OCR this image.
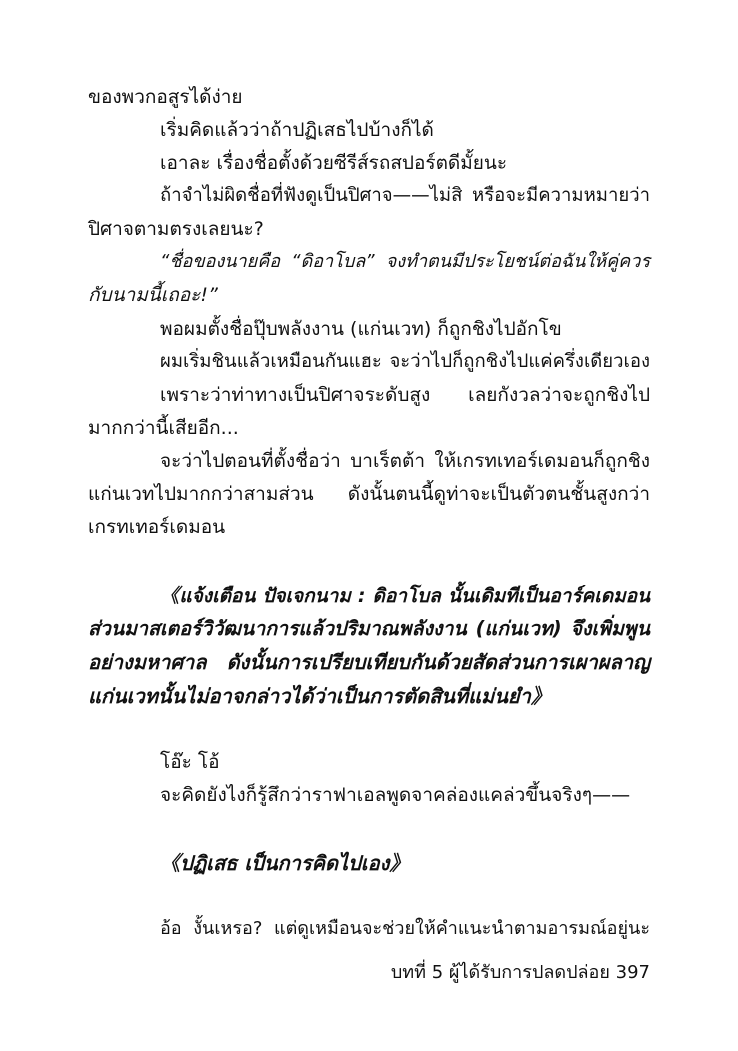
ของพวกอสูรได้ง่าย
เริ่มคิดแล้วว่าถ้าปฏิเสธไปบ้างก็ได้
เอาละ เรื่องชื่อตั้งด้วยซีรีส์รถสปอร์ตดีมั้ยนะ
ถ้าจำไม่ผิดชื่อที่ฟังดูเป็นปิศาจ——ไม่สิ หรือจะมีความหมายว่า
ปิศาจตามตรงเลยนะ?
“ชื่อของนายคือ “ดิอาโบล” จงทำตนมีประโยชน์ต่อฉันให้คู่ควร
กับนามนี้เถอะ!”
พอผมตั้งชื่อปุ๊บพลังงาน (แก่นเวท) ก็ถูกชิงไปอักโข
ผมเริ่มชินแล้วเหมือนกันแฮะ จะว่าไปก็ถูกชิงไปแค่ครึ่งเดียวเอง
เพราะว่าท่าทางเป็นปิศาจระดับสูง เลยกังวลว่าจะถูกชิงไป
มากกว่านี้เสียอีก...
จะว่าไปตอนที่ตั้งชื่อว่า บาเร็ตต้า ให้เกรทเทอร์เดมอนก็ถูกชิง
แก่นเวทไปมากกว่าสามส่วน ดังนั้นตนนี้ดูท่าจะเป็นตัวตนชั้นสูงกว่า
เกรทเทอร์เดมอน
《แจ้งเตือน ปัจเจกนาม : ดิอาโบล นั้นเดิมทีเป็นอาร์คเดมอน
ส่วนมาสเตอร์วิวัฒนาการแล้วปริมาณพลังงาน (แก่นเวท) จึงเพิ่มพูน
อย่างมหาศาล ดังนั้นการเปรียบเทียบกันด้วยสัดส่วนการเผาผลาญ
แก่นเวทนั้นไม่อาจกล่าวได้ว่าเป็นการตัดสินที่แม่นยำ》
โอ๊ะ โอ้
จะคิดยังไงก็รู้สึกว่าราฟาเอลพูดจาคล่องแคล่วขึ้นจริงๆ——
《ปฏิเสธ เป็นการคิดไปเอง》
อ้อ งั้นเหรอ? แต่ดูเหมือนจะช่วยให้คำแนะนำตามอารมณ์อยู่นะ
บทที่ 5 ผู้ได้รับการปลดปล่อย 397
